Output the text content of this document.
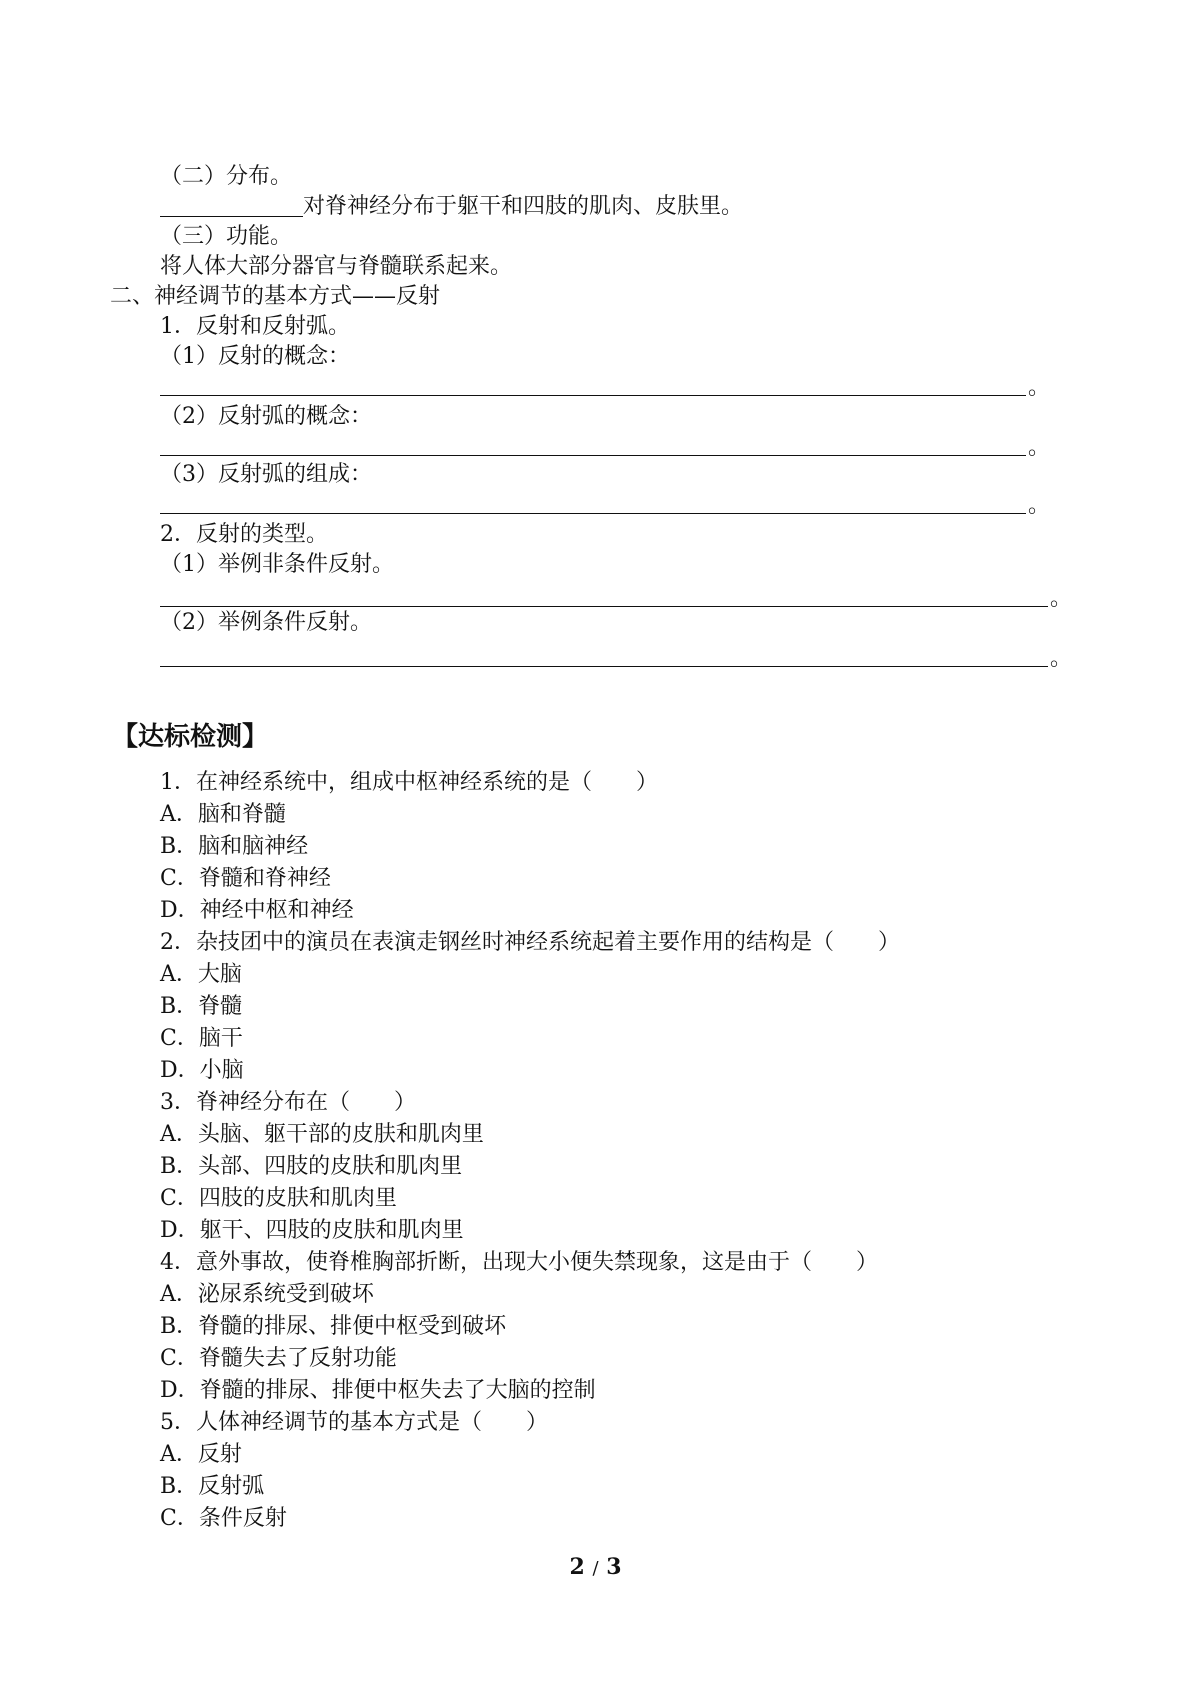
（二）分布。
对脊神经分布于躯干和四肢的肌肉、皮肤里。
（三）功能。
将人体大部分器官与脊髓联系起来。
二、神经调节的基本方式——反射
1．反射和反射弧。
（1）反射的概念：
。
（2）反射弧的概念：
。
（3）反射弧的组成：
。
2．反射的类型。
（1）举例非条件反射。
。
（2）举例条件反射。
。
【达标检测】
1．在神经系统中，组成中枢神经系统的是（　　）
A．脑和脊髓
B．脑和脑神经
C．脊髓和脊神经
D．神经中枢和神经
2．杂技团中的演员在表演走钢丝时神经系统起着主要作用的结构是（　　）
A．大脑
B．脊髓
C．脑干
D．小脑
3．脊神经分布在（　　）
A．头脑、躯干部的皮肤和肌肉里
B．头部、四肢的皮肤和肌肉里
C．四肢的皮肤和肌肉里
D．躯干、四肢的皮肤和肌肉里
4．意外事故，使脊椎胸部折断，出现大小便失禁现象，这是由于（　　）
A．泌尿系统受到破坏
B．脊髓的排尿、排便中枢受到破坏
C．脊髓失去了反射功能
D．脊髓的排尿、排便中枢失去了大脑的控制
5．人体神经调节的基本方式是（　　）
A．反射
B．反射弧
C．条件反射
2 / 3
